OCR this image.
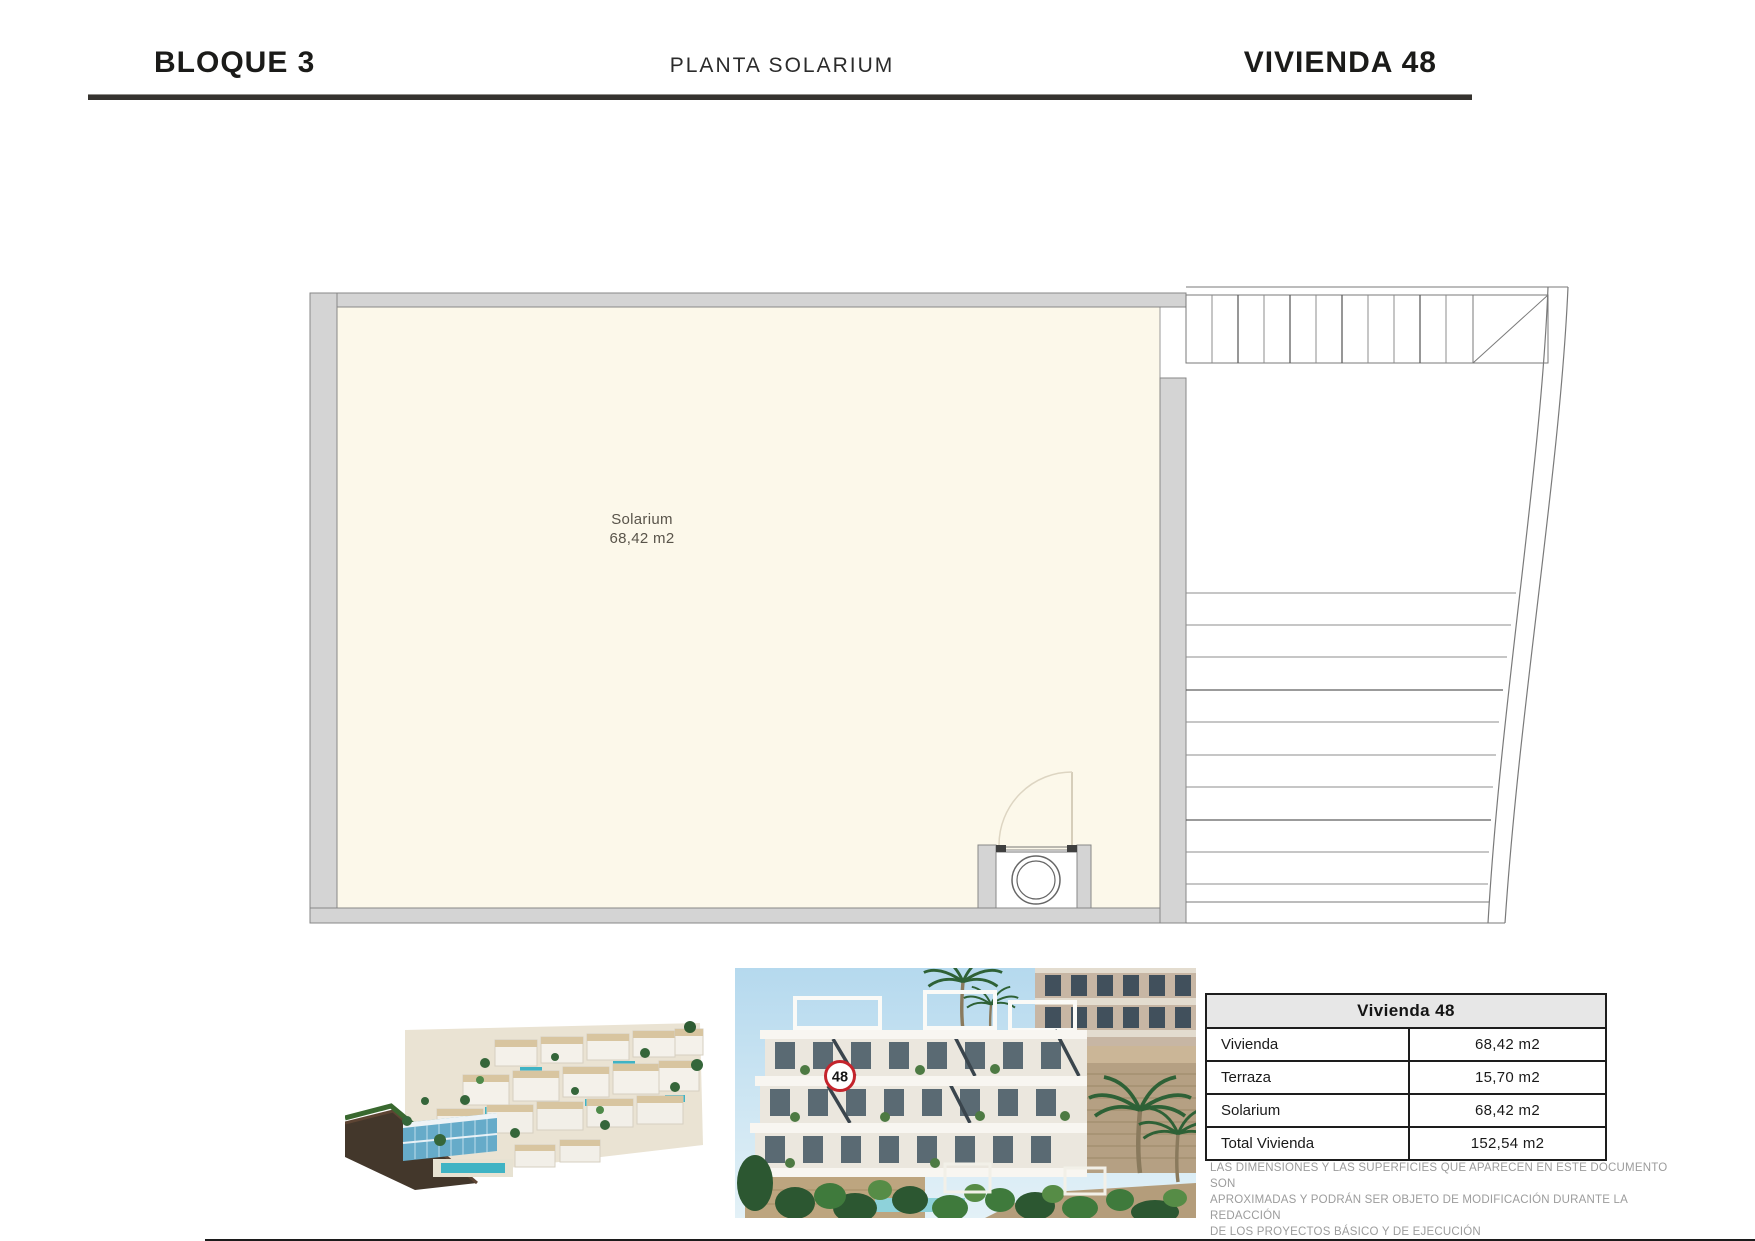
BLOQUE 3	PLANTA SOLARIUM	VIVIENDA 48
Solarium
68,42 m2
48
Vivienda 48
Vivienda	68,42 m2
Terraza	15,70 m2
Solarium	68,42 m2
Total Vivienda	152,54 m2
LAS DIMENSIONES Y LAS SUPERFICIES QUE APARECEN EN ESTE DOCUMENTO SON
APROXIMADAS Y PODRÁN SER OBJETO DE MODIFICACIÓN DURANTE LA REDACCIÓN
DE LOS PROYECTOS BÁSICO Y DE EJECUCIÓN
